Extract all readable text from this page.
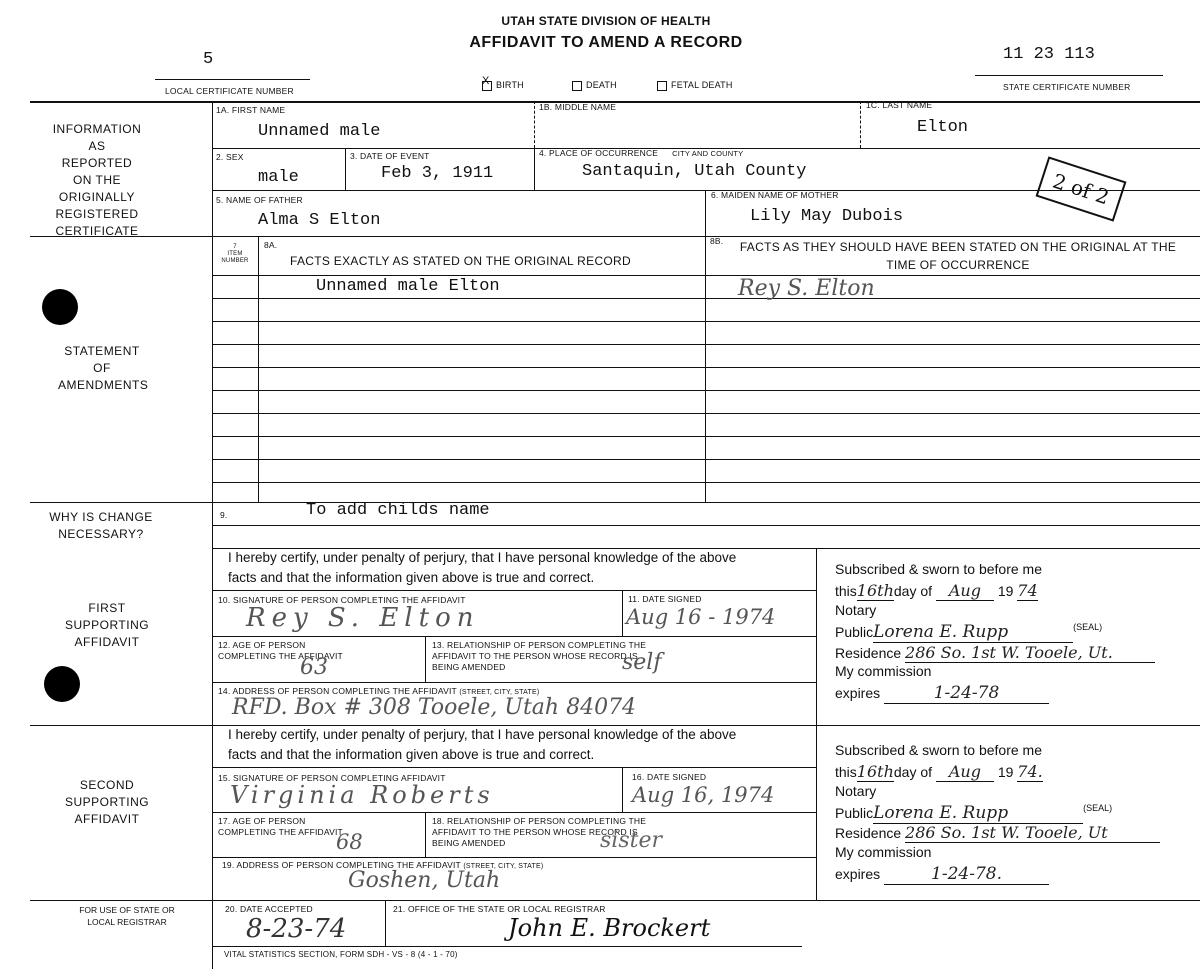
UTAH STATE DIVISION OF HEALTH
AFFIDAVIT TO AMEND A RECORD
5
LOCAL CERTIFICATE NUMBER
11 23 113
STATE CERTIFICATE NUMBER
X BIRTH	DEATH	FETAL DEATH
INFORMATION AS REPORTED ON THE ORIGINALLY REGISTERED CERTIFICATE
1A. FIRST NAME
Unnamed male
1B. MIDDLE NAME	1C. LAST NAME
Elton
2. SEX
male
3. DATE OF EVENT
Feb 3, 1911
4. PLACE OF OCCURRENCE CITY AND COUNTY
Santaquin, Utah County
5. NAME OF FATHER
Alma S Elton
6. MAIDEN NAME OF MOTHER
Lily May Dubois
2 of 2
STATEMENT OF AMENDMENTS
7
ITEM NUMBER
8A.
FACTS EXACTLY AS STATED ON THE ORIGINAL RECORD
8B. FACTS AS THEY SHOULD HAVE BEEN STATED ON THE ORIGINAL AT THE TIME OF OCCURRENCE
Unnamed male Elton	Rey S. Elton
WHY IS CHANGE NECESSARY?
9.	To add childs name
FIRST SUPPORTING AFFIDAVIT
I hereby certify, under penalty of perjury, that I have personal knowledge of the above facts and that the information given above is true and correct.
10. SIGNATURE OF PERSON COMPLETING THE AFFIDAVIT
Rey S. Elton
11. DATE SIGNED
Aug 16 - 1974
12. AGE OF PERSON COMPLETING THE AFFIDAVIT
63
13. RELATIONSHIP OF PERSON COMPLETING THE AFFIDAVIT TO THE PERSON WHOSE RECORD IS BEING AMENDED	self
14. ADDRESS OF PERSON COMPLETING THE AFFIDAVIT (STREET, CITY, STATE)
RFD. Box # 308 Tooele, Utah 84074
Subscribed & sworn to before me
this16thday of Aug 19 74
Notary
PublicLorena E. Rupp	$^{(SEAL)}$
Residence 286 So. 1st W. Tooele, Ut.
My commission
expires	1-24-78
SECOND SUPPORTING AFFIDAVIT
I hereby certify, under penalty of perjury, that I have personal knowledge of the above facts and that the information given above is true and correct.
15. SIGNATURE OF PERSON COMPLETING AFFIDAVIT
Virginia Roberts
16. DATE SIGNED
Aug 16, 1974
17. AGE OF PERSON COMPLETING THE AFFIDAVIT
68
18. RELATIONSHIP OF PERSON COMPLETING THE AFFIDAVIT TO THE PERSON WHOSE RECORD IS BEING AMENDED	sister
19. ADDRESS OF PERSON COMPLETING THE AFFIDAVIT (STREET, CITY, STATE)
Goshen, Utah
Subscribed & sworn to before me
this16thday of Aug 19 74.
Notary
PublicLorena E. Rupp	$^{(SEAL)}$
Residence 286 So. 1st W. Tooele, Ut
My commission
expires	1-24-78.
FOR USE OF STATE OR LOCAL REGISTRAR
20. DATE ACCEPTED
8-23-74
21. OFFICE OF THE STATE OR LOCAL REGISTRAR
John E. Brockert
VITAL STATISTICS SECTION, FORM SDH - VS - 8 (4 - 1 - 70)
